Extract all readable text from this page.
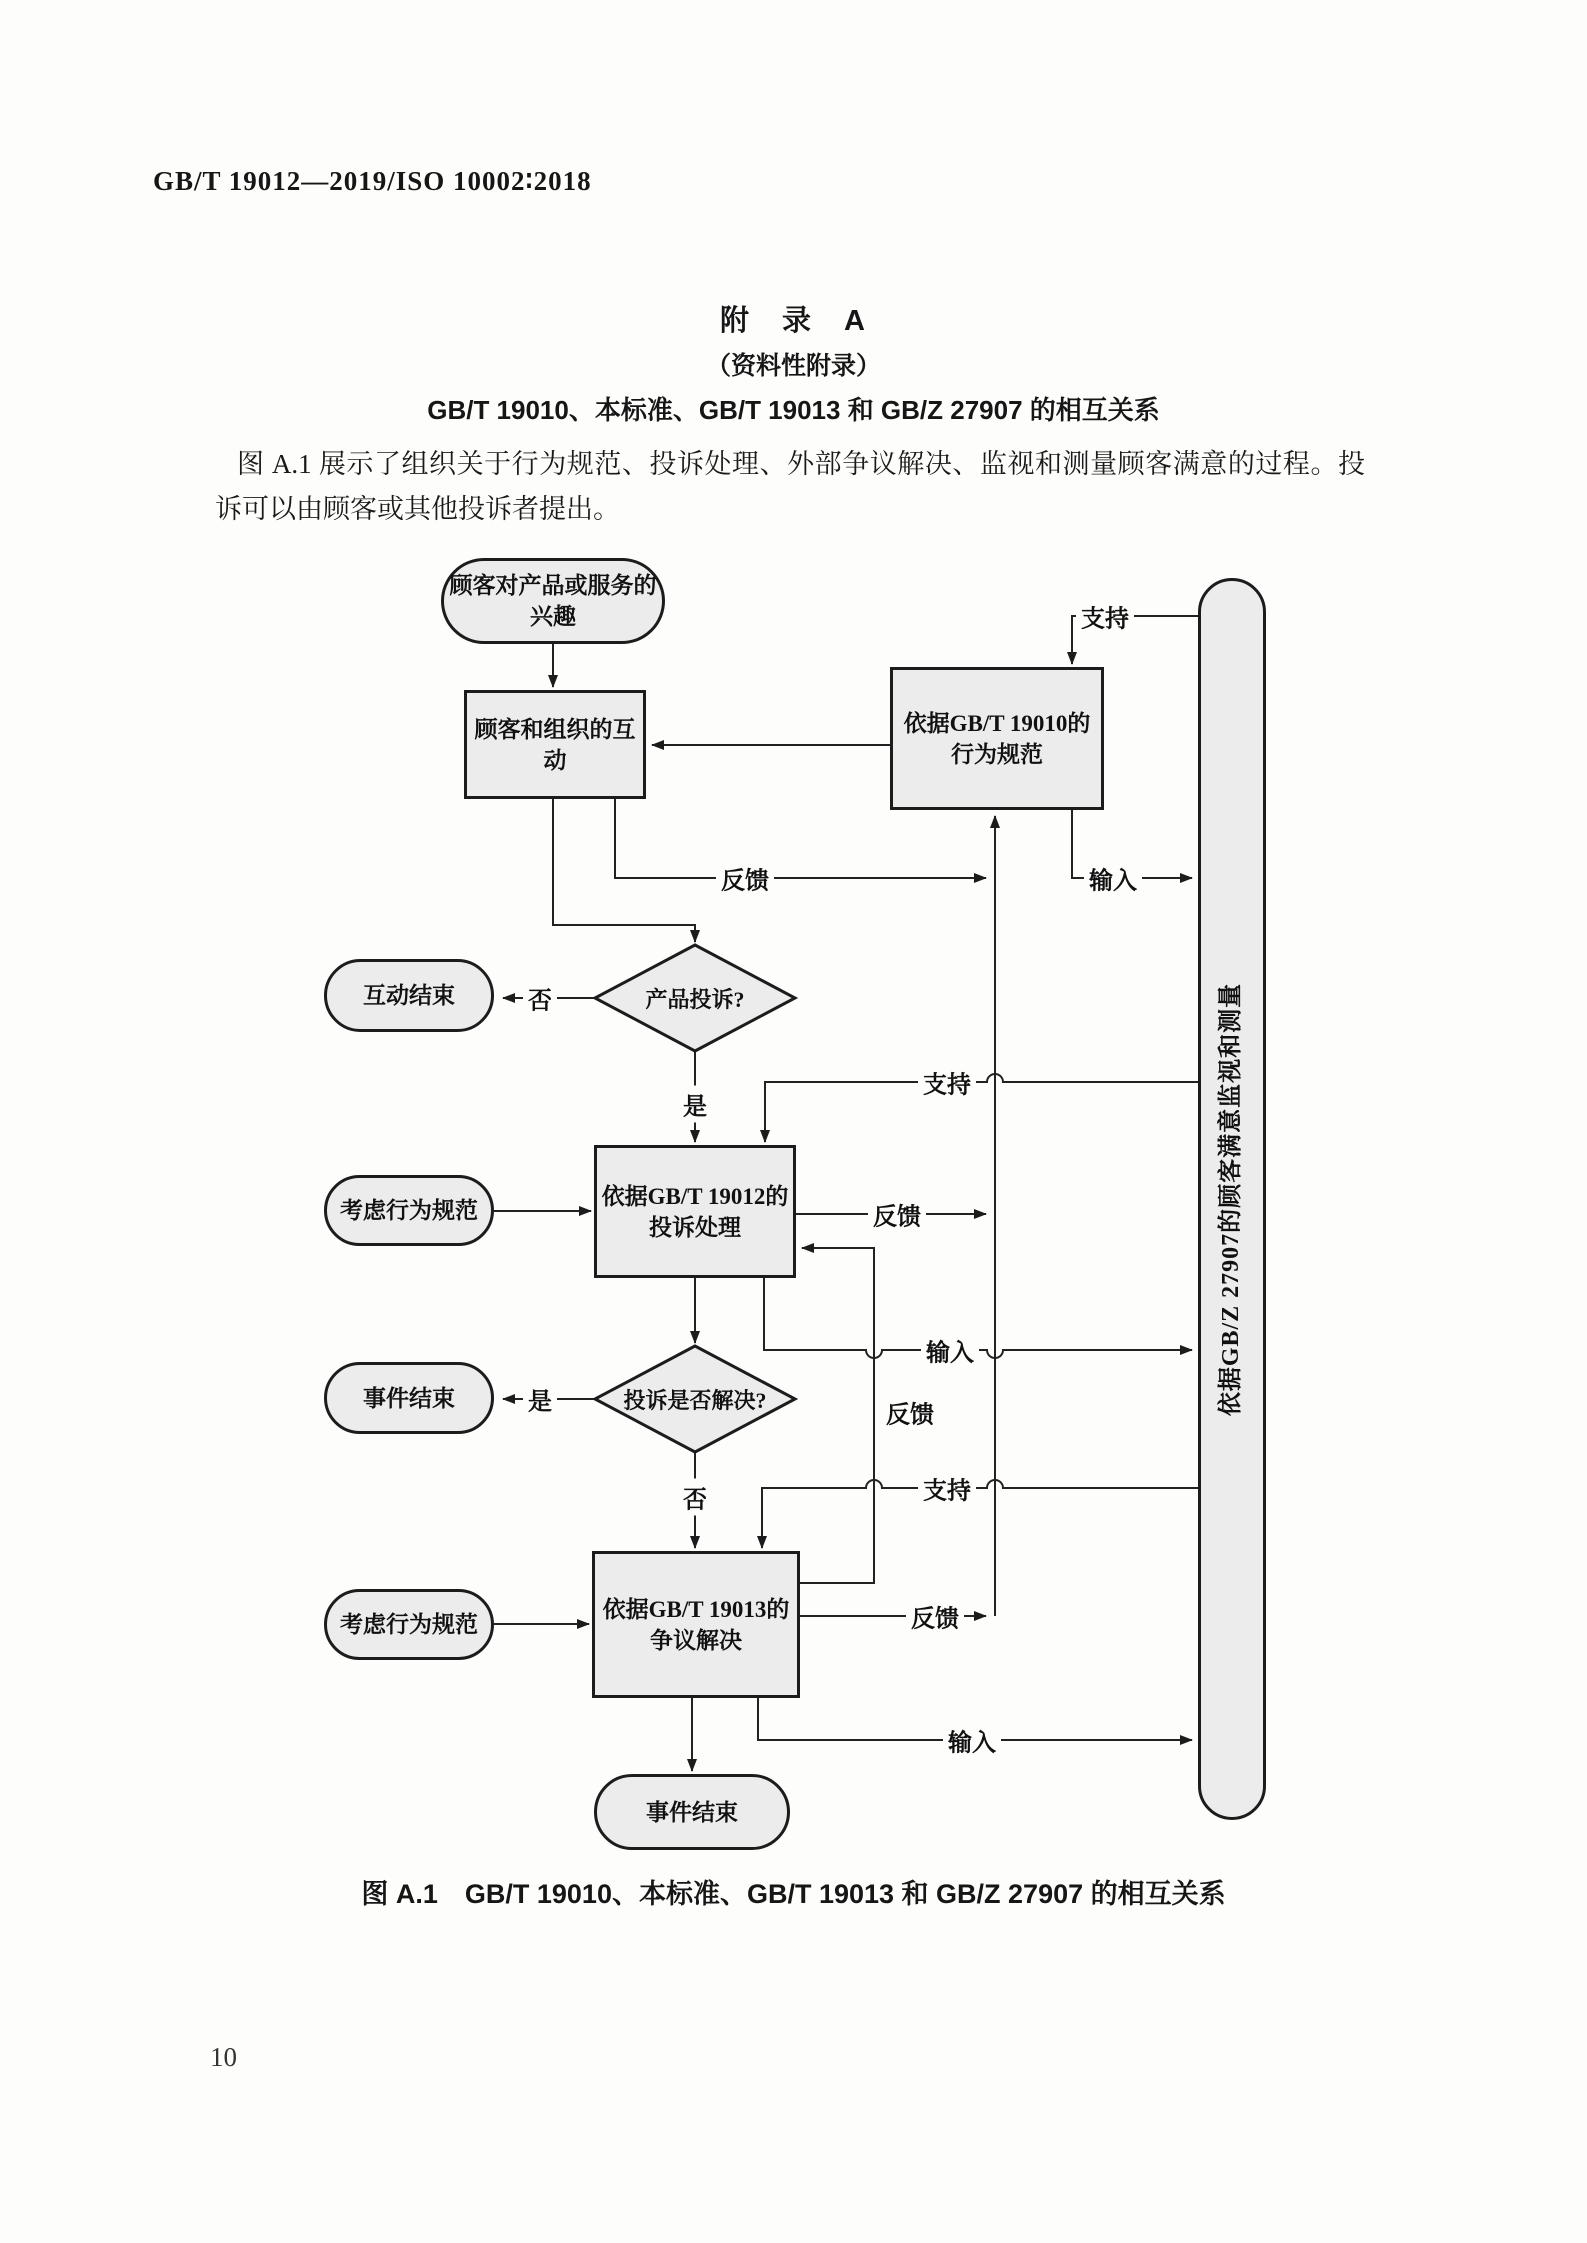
GB/T 19012—2019/ISO 10002∶2018
附　录　A
（资料性附录）
GB/T 19010、本标准、GB/T 19013 和 GB/Z 27907 的相互关系
图 A.1 展示了组织关于行为规范、投诉处理、外部争议解决、监视和测量顾客满意的过程。投诉可以由顾客或其他投诉者提出。
顾客对产品或服务的
兴趣
顾客和组织的互动
依据GB/T 19010的
行为规范
互动结束	产品投诉?
考虑行为规范
依据GB/T 19012的
投诉处理
事件结束	投诉是否解决?
考虑行为规范
依据GB/T 19013的
争议解决
事件结束
依据GB/Z 27907的顾客满意监视和测量
支持
反馈	输入
否
是
支持
反馈
反馈
输入
是
否	支持
反馈
输入
图 A.1　GB/T 19010、本标准、GB/T 19013 和 GB/Z 27907 的相互关系
10
